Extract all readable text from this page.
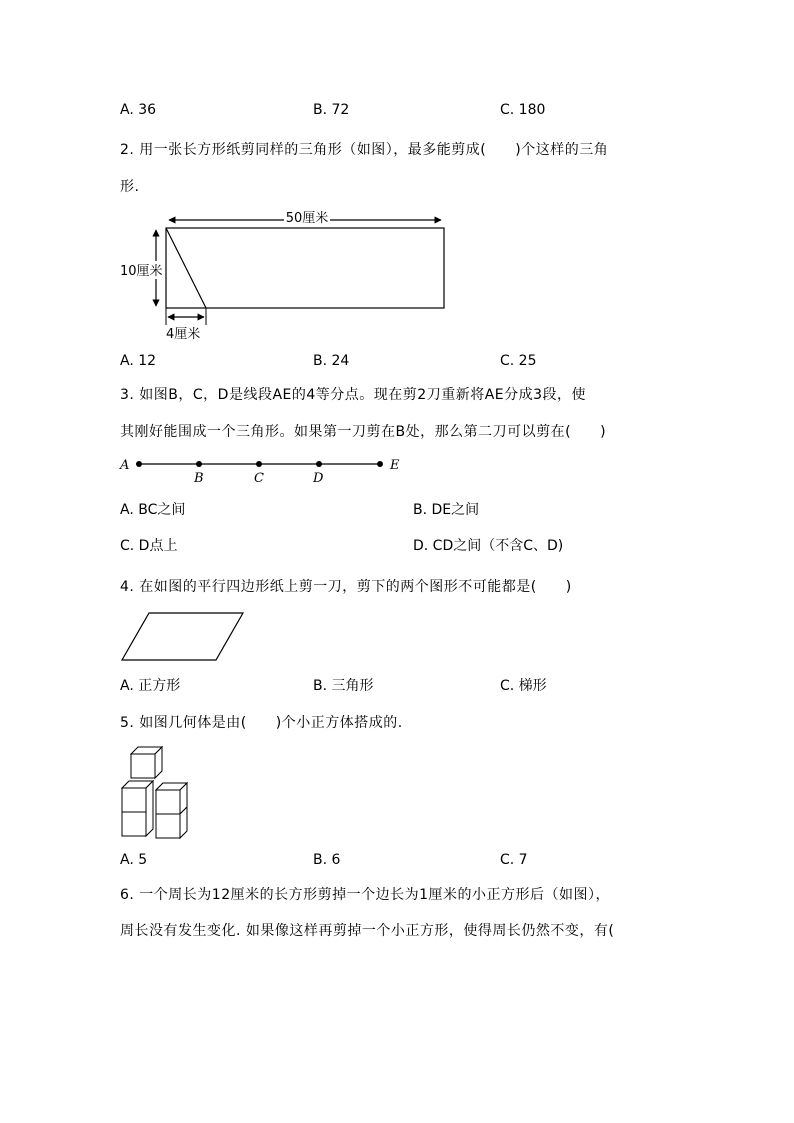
A. 36	B. 72	C. 180
2. 用一张长方形纸剪同样的三角形（如图），最多能剪成(　　)个这样的三角
形.
50厘米
10厘米
4厘米
A. 12	B. 24	C. 25
3. 如图B，C，D是线段AE的4等分点。现在剪2刀重新将AE分成3段，使
其刚好能围成一个三角形。如果第一刀剪在B处，那么第二刀可以剪在(　　)
A
B	C	D
E
A. BC之间	B. DE之间
C. D点上	D. CD之间（不含C、D)
4. 在如图的平行四边形纸上剪一刀，剪下的两个图形不可能都是(　　)
A. 正方形	B. 三角形	C. 梯形
5. 如图几何体是由(　　)个小正方体搭成的.
A. 5	B. 6	C. 7
6. 一个周长为12厘米的长方形剪掉一个边长为1厘米的小正方形后（如图），
周长没有发生变化. 如果像这样再剪掉一个小正方形，使得周长仍然不变，有(
